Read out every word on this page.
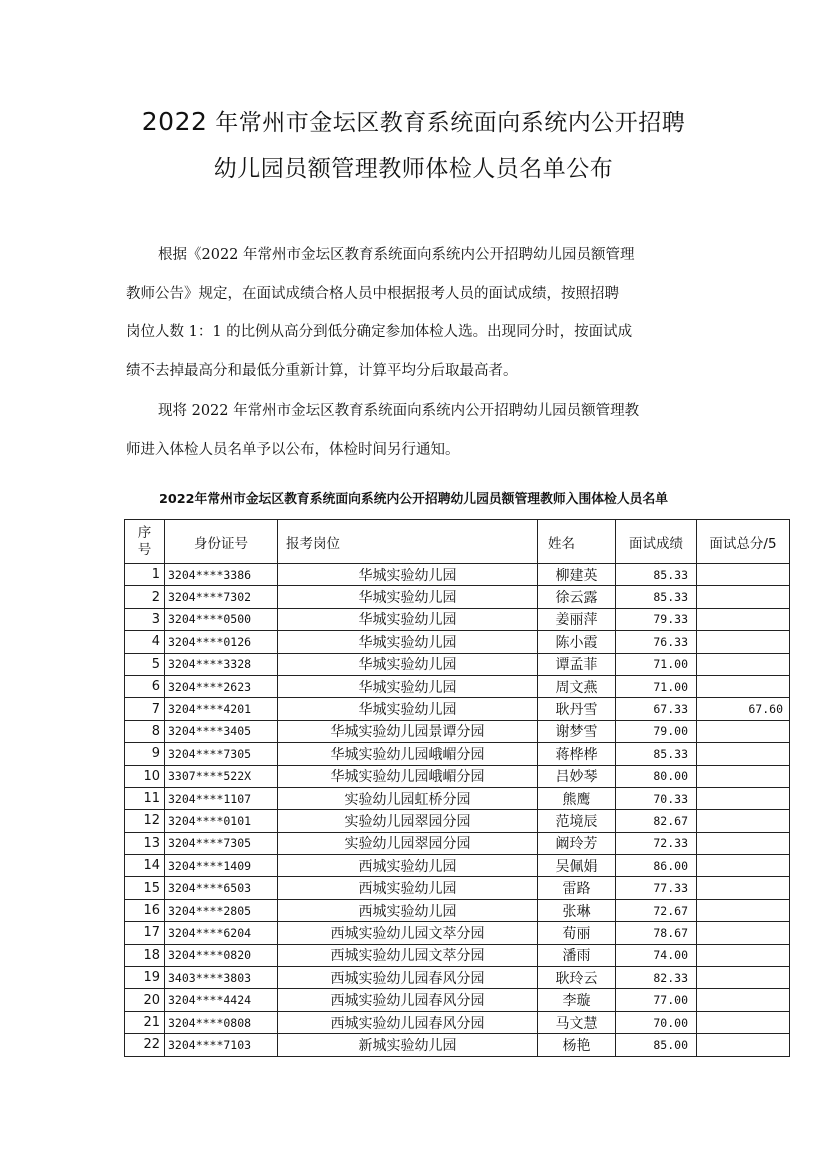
2022 年常州市金坛区教育系统面向系统内公开招聘
幼儿园员额管理教师体检人员名单公布
根据《2022 年常州市金坛区教育系统面向系统内公开招聘幼儿园员额管理
教师公告》规定，在面试成绩合格人员中根据报考人员的面试成绩，按照招聘
岗位人数 1：1 的比例从高分到低分确定参加体检人选。出现同分时，按面试成
绩不去掉最高分和最低分重新计算，计算平均分后取最高者。
现将 2022 年常州市金坛区教育系统面向系统内公开招聘幼儿园员额管理教
师进入体检人员名单予以公布，体检时间另行通知。
2022年常州市金坛区教育系统面向系统内公开招聘幼儿园员额管理教师入围体检人员名单
序
号	身份证号	报考岗位	姓名	面试成绩	面试总分/5
1	3204****3386	华城实验幼儿园	柳建英	85.33	
2	3204****7302	华城实验幼儿园	徐云露	85.33	
3	3204****0500	华城实验幼儿园	姜丽萍	79.33	
4	3204****0126	华城实验幼儿园	陈小霞	76.33	
5	3204****3328	华城实验幼儿园	谭孟菲	71.00	
6	3204****2623	华城实验幼儿园	周文燕	71.00	
7	3204****4201	华城实验幼儿园	耿丹雪	67.33	67.60
8	3204****3405	华城实验幼儿园景谭分园	谢梦雪	79.00	
9	3204****7305	华城实验幼儿园峨嵋分园	蒋桦桦	85.33	
10	3307****522X	华城实验幼儿园峨嵋分园	吕妙琴	80.00	
11	3204****1107	实验幼儿园虹桥分园	熊鹰	70.33	
12	3204****0101	实验幼儿园翠园分园	范境辰	82.67	
13	3204****7305	实验幼儿园翠园分园	阚玲芳	72.33	
14	3204****1409	西城实验幼儿园	吴佩娟	86.00	
15	3204****6503	西城实验幼儿园	雷路	77.33	
16	3204****2805	西城实验幼儿园	张琳	72.67	
17	3204****6204	西城实验幼儿园文萃分园	荀丽	78.67	
18	3204****0820	西城实验幼儿园文萃分园	潘雨	74.00	
19	3403****3803	西城实验幼儿园春风分园	耿玲云	82.33	
20	3204****4424	西城实验幼儿园春风分园	李璇	77.00	
21	3204****0808	西城实验幼儿园春风分园	马文慧	70.00	
22	3204****7103	新城实验幼儿园	杨艳	85.00	
